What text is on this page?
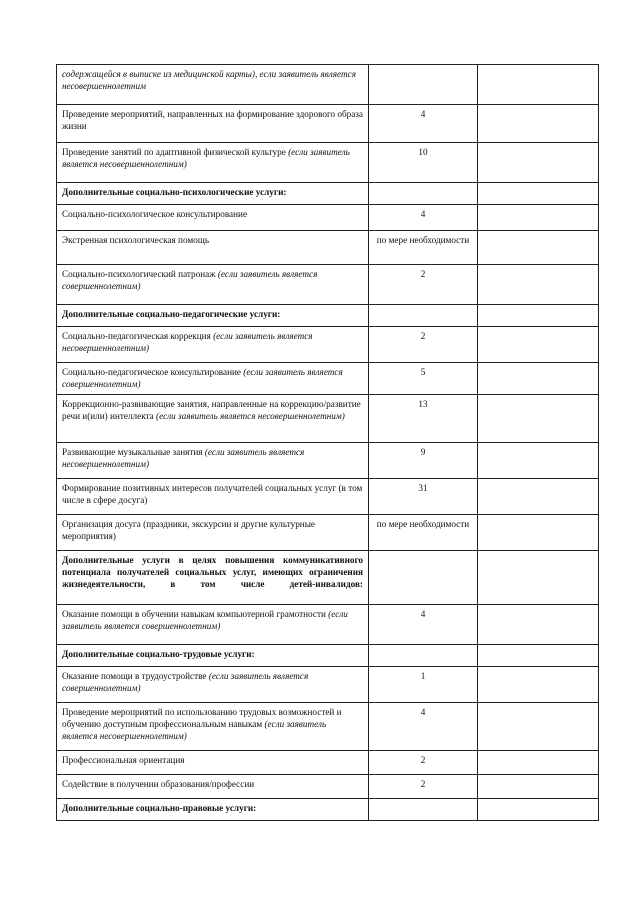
содержащейся в выписке из медицинской карты), если заявитель является несовершеннолетним		
Проведение мероприятий, направленных на формирование здорового образа жизни	4	
Проведение занятий по адаптивной физической культуре (если заявитель является несовершеннолетним)	10	
Дополнительные социально-психологические услуги:		
Социально-психологическое консультирование	4	
Экстренная психологическая помощь	по мере необходимости	
Социально-психологический патронаж (если заявитель является совершеннолетним)	2	
Дополнительные социально-педагогические услуги:		
Социально-педагогическая коррекция (если заявитель является несовершеннолетним)	2	
Социально-педагогическое консультирование (если заявитель является совершеннолетним)	5	
Коррекционно-развивающие занятия, направленные на коррекцию/развитие речи и(или) интеллекта (если заявитель является несовершеннолетним)	13	
Развивающие музыкальные занятия (если заявитель является несовершеннолетним)	9	
Формирование позитивных интересов получателей социальных услуг (в том числе в сфере досуга)	31	
Организация досуга (праздники, экскурсии и другие культурные мероприятия)	по мере необходимости	
Дополнительные услуги в целях повышения коммуникативного потенциала получателей социальных услуг, имеющих ограничения жизнедеятельности, в том числе детей-инвалидов:		
Оказание помощи в обучении навыкам компьютерной грамотности (если заявитель является совершеннолетним)	4	
Дополнительные социально-трудовые услуги:		
Оказание помощи в трудоустройстве (если заявитель является совершеннолетним)	1	
Проведение мероприятий по использованию трудовых возможностей и обучению доступным профессиональным навыкам (если заявитель является несовершеннолетним)	4	
Профессиональная ориентация	2	
Содействие в получении образования/профессии	2	
Дополнительные социально-правовые услуги:		
